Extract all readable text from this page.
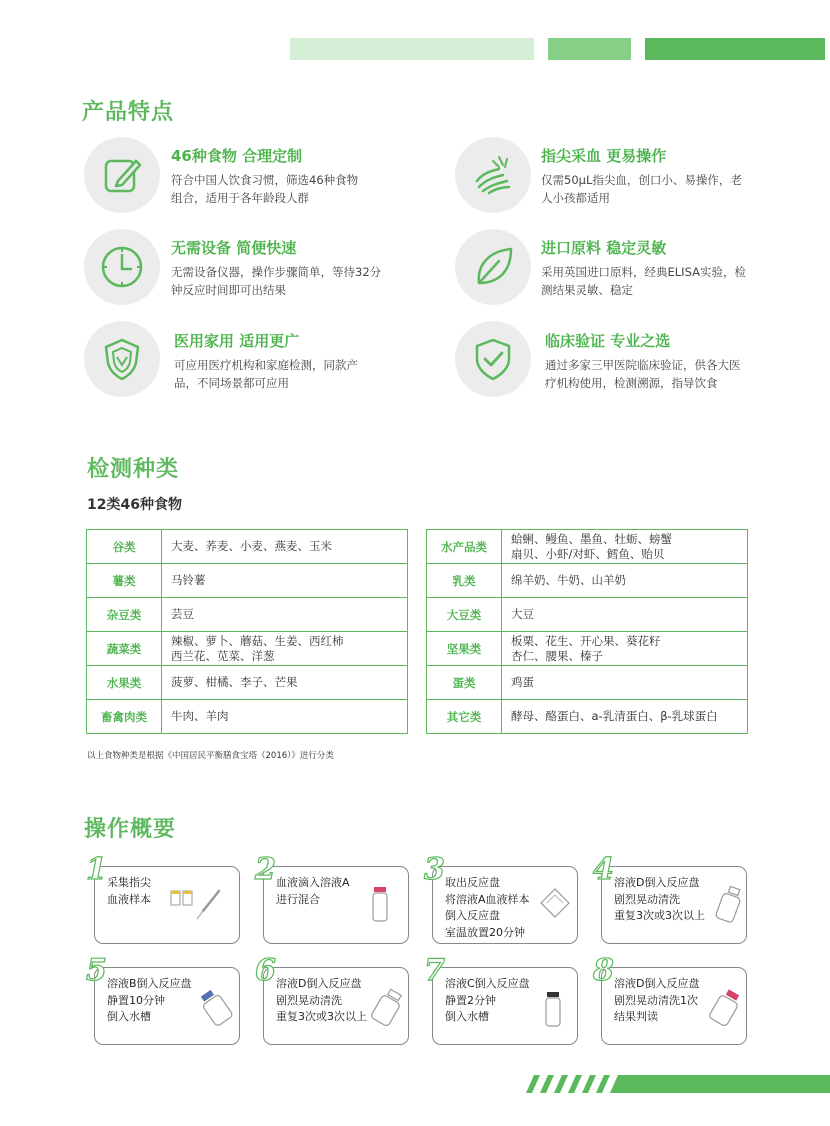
产品特点
46种食物 合理定制
符合中国人饮食习惯，筛选46种食物组合，适用于各年龄段人群
指尖采血 更易操作
仅需50μL指尖血，创口小、易操作，老人小孩都适用
无需设备 简便快速
无需设备仪器，操作步骤简单，等待32分钟反应时间即可出结果
进口原料 稳定灵敏
采用英国进口原料，经典ELISA实验，检测结果灵敏、稳定
医用家用 适用更广
可应用医疗机构和家庭检测，同款产品，不同场景都可应用
临床验证 专业之选
通过多家三甲医院临床验证，供各大医疗机构使用，检测溯源，指导饮食
检测种类
12类46种食物
谷类	大麦、荞麦、小麦、燕麦、玉米

薯类	马铃薯

杂豆类	芸豆

蔬菜类	辣椒、萝卜、蘑菇、生姜、西红柿
西兰花、苋菜、洋葱

水果类	菠萝、柑橘、李子、芒果

畜禽肉类	牛肉、羊肉
水产品类	蛤蜊、鳗鱼、墨鱼、牡蛎、螃蟹
扇贝、小虾/对虾、鳕鱼、贻贝

乳类	绵羊奶、牛奶、山羊奶

大豆类	大豆

坚果类	板栗、花生、开心果、葵花籽
杏仁、腰果、榛子

蛋类	鸡蛋

其它类	酵母、酪蛋白、a-乳清蛋白、β-乳球蛋白
以上食物种类是根据《中国居民平衡膳食宝塔（2016）》进行分类
操作概要
1 采集指尖
血液样本
2 血液滴入溶液A
进行混合
3 取出反应盘
将溶液A血液样本
倒入反应盘
室温放置20分钟
4 溶液D倒入反应盘
剧烈晃动清洗
重复3次或3次以上
5 溶液B倒入反应盘
静置10分钟
倒入水槽
6 溶液D倒入反应盘
剧烈晃动清洗
重复3次或3次以上
7 溶液C倒入反应盘
静置2分钟
倒入水槽
8 溶液D倒入反应盘
剧烈晃动清洗1次
结果判读
